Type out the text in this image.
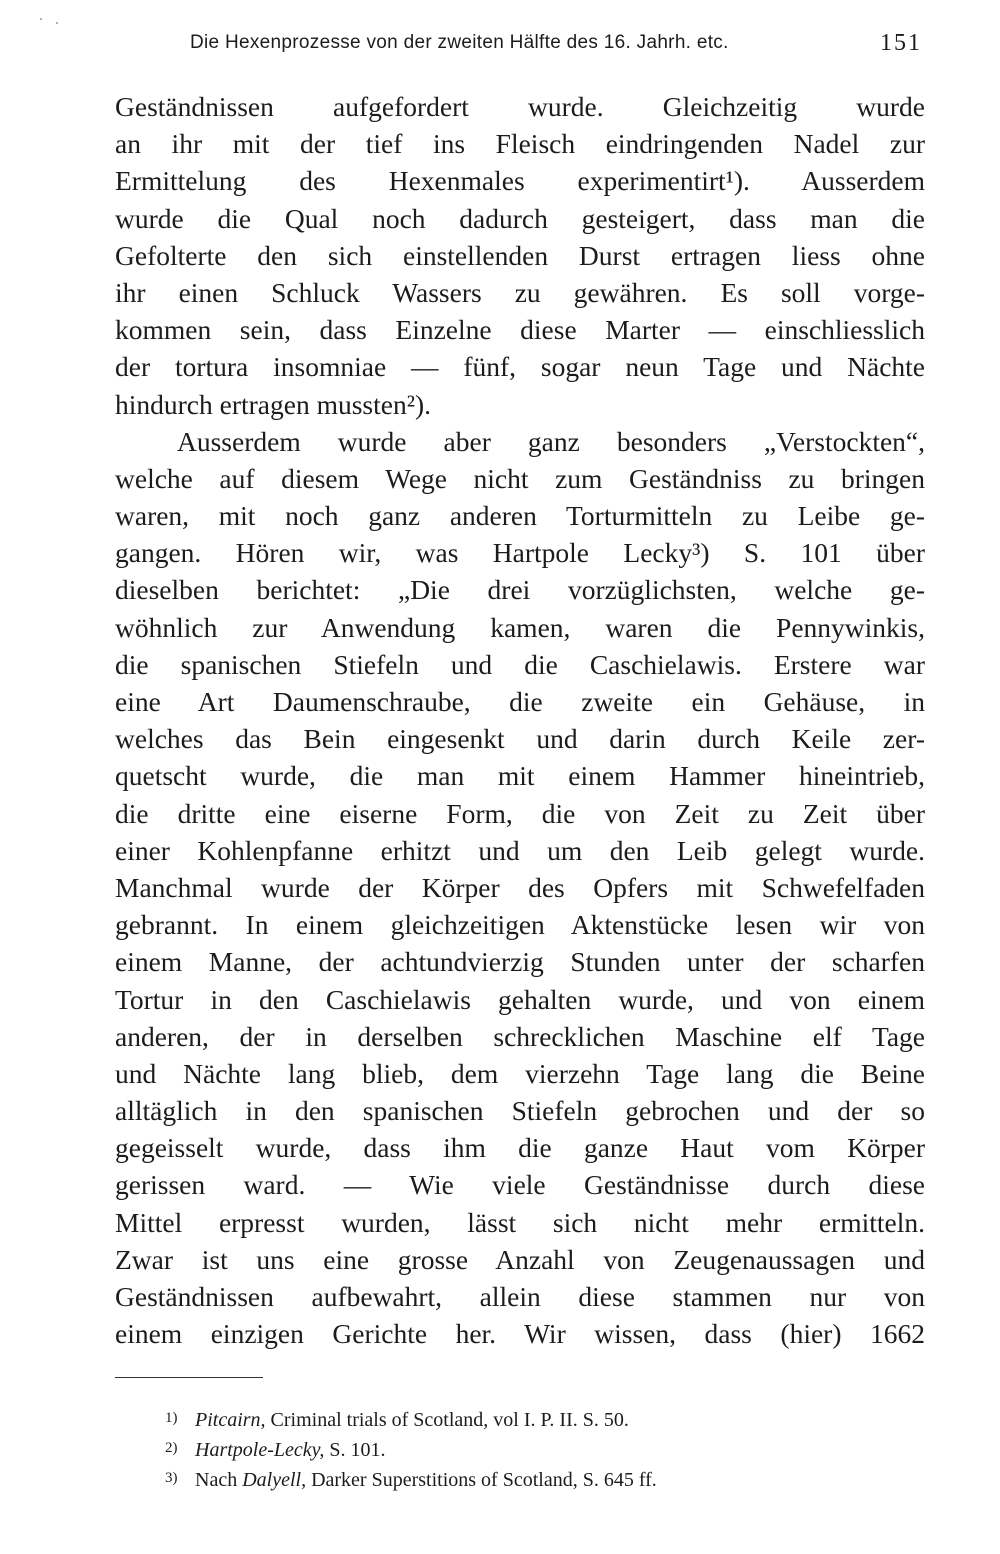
Die Hexenprozesse von der zweiten Hälfte des 16. Jahrh. etc.	151
Geständnissen aufgefordert wurde. Gleichzeitig wurde
an ihr mit der tief ins Fleisch eindringenden Nadel zur
Ermittelung des Hexenmales experimentirt¹). Ausserdem
wurde die Qual noch dadurch gesteigert, dass man die
Gefolterte den sich einstellenden Durst ertragen liess ohne
ihr einen Schluck Wassers zu gewähren. Es soll vorge-
kommen sein, dass Einzelne diese Marter — einschliesslich
der tortura insomniae — fünf, sogar neun Tage und Nächte
hindurch ertragen mussten²).
Ausserdem wurde aber ganz besonders „Verstockten“,
welche auf diesem Wege nicht zum Geständniss zu bringen
waren, mit noch ganz anderen Torturmitteln zu Leibe ge-
gangen. Hören wir, was Hartpole Lecky³) S. 101 über
dieselben berichtet: „Die drei vorzüglichsten, welche ge-
wöhnlich zur Anwendung kamen, waren die Pennywinkis,
die spanischen Stiefeln und die Caschielawis. Erstere war
eine Art Daumenschraube, die zweite ein Gehäuse, in
welches das Bein eingesenkt und darin durch Keile zer-
quetscht wurde, die man mit einem Hammer hineintrieb,
die dritte eine eiserne Form, die von Zeit zu Zeit über
einer Kohlenpfanne erhitzt und um den Leib gelegt wurde.
Manchmal wurde der Körper des Opfers mit Schwefelfaden
gebrannt. In einem gleichzeitigen Aktenstücke lesen wir von
einem Manne, der achtundvierzig Stunden unter der scharfen
Tortur in den Caschielawis gehalten wurde, und von einem
anderen, der in derselben schrecklichen Maschine elf Tage
und Nächte lang blieb, dem vierzehn Tage lang die Beine
alltäglich in den spanischen Stiefeln gebrochen und der so
gegeisselt wurde, dass ihm die ganze Haut vom Körper
gerissen ward. — Wie viele Geständnisse durch diese
Mittel erpresst wurden, lässt sich nicht mehr ermitteln.
Zwar ist uns eine grosse Anzahl von Zeugenaussagen und
Geständnissen aufbewahrt, allein diese stammen nur von
einem einzigen Gerichte her. Wir wissen, dass (hier) 1662
1) Pitcairn, Criminal trials of Scotland, vol I. P. II. S. 50.
2) Hartpole-Lecky, S. 101.
3) Nach Dalyell, Darker Superstitions of Scotland, S. 645 ff.
